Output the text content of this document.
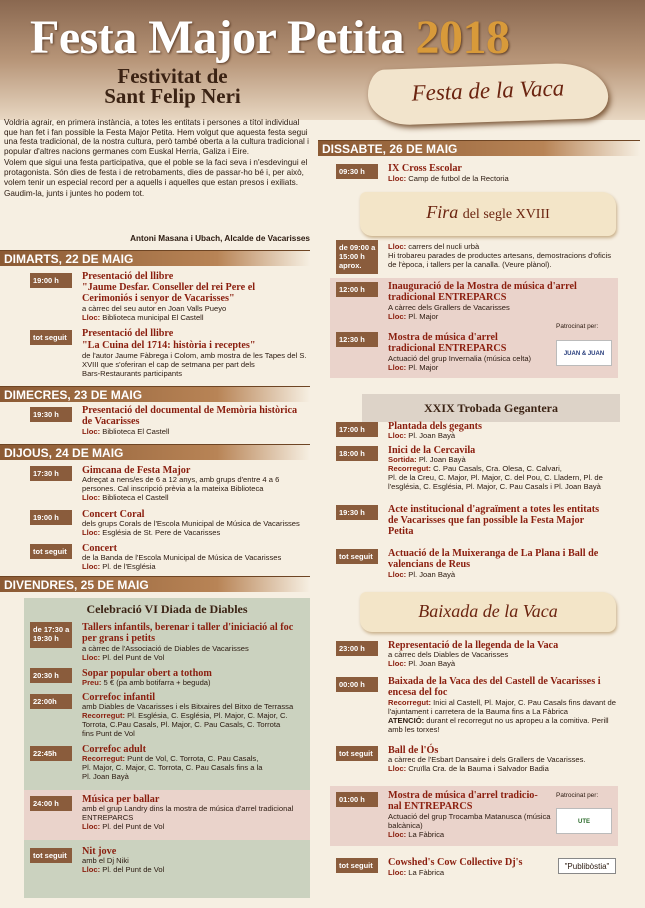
Festa Major Petita 2018
Festivitat de
Sant Felip Neri	Festa de la Vaca

Voldria agrair, en primera instància, a totes les entitats i persones a títol individual que han fet i fan possible la Festa Major Petita. Hem volgut que aquesta festa segui una festa tradicional, de la nostra cultura, però també oberta a la cultura tradicional i popular d'altres nacions germanes com Euskal Herria, Galiza i Eire.

Volem que sigui una festa participativa, que el poble se la faci seva i n'esdevingui el protagonista. Són dies de festa i de retrobaments, dies de passar-ho bé i, per això, volem tenir un especial record per a aquells i aquelles que estan presos i exiliats.

Gaudim-la, junts i juntes ho podem tot.

Antoni Masana i Ubach, Alcalde de Vacarisses
DIMARTS, 22 DE MAIG
19:00 h	Presentació del llibre
"Jaume Desfar. Conseller del rei Pere el
Cerimoniós i senyor de Vacarisses"
a càrrec del seu autor en Joan Valls Pueyo
Lloc: Biblioteca municipal El Castell
tot seguit	Presentació del llibre
"La Cuina del 1714: història i receptes"
de l'autor Jaume Fàbrega i Colom, amb mostra de les Tapes del S.
XVIII que s'oferiran el cap de setmana per part dels
Bars-Restaurants participants
DIMECRES, 23 DE MAIG
19:30 h	Presentació del documental de Memòria històrica
de Vacarisses
Lloc: Biblioteca El Castell
DIJOUS, 24 DE MAIG
17:30 h	Gimcana de Festa Major
Adreçat a nens/es de 6 a 12 anys, amb grups d'entre 4 a 6
persones. Cal inscripció prèvia a la mateixa Biblioteca
Lloc: Biblioteca el Castell
19:00 h	Concert Coral
dels grups Corals de l'Escola Municipal de Música de Vacarisses
Lloc: Església de St. Pere de Vacarisses
tot seguit	Concert
de la Banda de l'Escola Municipal de Música de Vacarisses
Lloc: Pl. de l'Església
DIVENDRES, 25 DE MAIG
Celebració VI Diada de Diables
de 17:30 a
19:30 h
Tallers infantils, berenar i taller d'iniciació al foc
per grans i petits
a càrrec de l'Associació de Diables de Vacarisses
Lloc: Pl. del Punt de Vol
20:30 h	Sopar popular obert a tothom
Preu: 5 € (pa amb botifarra + beguda)
22:00h	Correfoc infantil
amb Diables de Vacarisses i els Bitxaires del Bitxo de Terrassa
Recorregut: Pl. Església, C. Església, Pl. Major, C. Major, C.
Torrota, C.Pau Casals, Pl. Major, C. Pau Casals, C. Torrota
fins Punt de Vol
22:45h	Correfoc adult
Recorregut: Punt de Vol, C. Torrota, C. Pau Casals,
Pl. Major, C. Major, C. Torrota, C. Pau Casals fins a la
Pl. Joan Bayà
24:00 h	Música per ballar
amb el grup Landry dins la mostra de música d'arrel tradicional
ENTREPARCS
Lloc: Pl. del Punt de Vol
tot seguit	Nit jove
amb el Dj Niki
Lloc: Pl. del Punt de Vol
DISSABTE, 26 DE MAIG
09:30 h	IX Cross Escolar
Lloc: Camp de futbol de la Rectoria
Fira del segle XVIII
de 09:00 a
15:00 h
aprox.
Lloc: carrers del nucli urbà
Hi trobareu parades de productes artesans, demostracions d'oficis
de l'època, i tallers per la canalla. (Veure plànol).
12:00 h	Inauguració de la Mostra de música d'arrel
tradicional ENTREPARCS
A càrrec dels Grallers de Vacarisses
Lloc: Pl. Major
12:30 h	Mostra de música d'arrel
tradicional ENTREPARCS
Actuació del grup Invernalia (música celta)
Lloc: Pl. Major
Patrocinat per:
JUAN & JUAN
XXIX Trobada Gegantera
17:00 h	Plantada dels gegants
Lloc: Pl. Joan Bayà
18:00 h	Inici de la Cercavila
Sortida: Pl. Joan Bayà
Recorregut: C. Pau Casals, Cra. Olesa, C. Calvari,
Pl. de la Creu, C. Major, Pl. Major, C. del Pou, C. Lladern, Pl. de
l'església, C. Església, Pl. Major, C. Pau Casals i Pl. Joan Bayà
19:30 h	Acte institucional d'agraïment a totes les entitats
de Vacarisses que fan possible la Festa Major
Petita
tot seguit	Actuació de la Muixeranga de La Plana i Ball de
valencians de Reus
Lloc: Pl. Joan Bayà
Baixada de la Vaca
23:00 h	Representació de la llegenda de la Vaca
a càrrec dels Diables de Vacarisses
Lloc: Pl. Joan Bayà
00:00 h	Baixada de la Vaca des del Castell de Vacarisses i
encesa del foc
Recorregut: Inici al Castell, Pl. Major, C. Pau Casals fins davant de
l'ajuntament i carretera de la Bauma fins a La Fàbrica
ATENCIÓ: durant el recorregut no us apropeu a la comitiva. Perill
amb les torxes!
tot seguit	Ball de l'Ós
a càrrec de l'Esbart Dansaire i dels Grallers de Vacarisses.
Lloc: Cruïlla Cra. de la Bauma i Salvador Badia
01:00 h	Mostra de música d'arrel tradicio-
nal ENTREPARCS
Actuació del grup Trocamba Matanusca (música
balcànica)
Lloc: La Fàbrica
Patrocinat per:
UTE
tot seguit	Cowshed's Cow Collective Dj's
Lloc: La Fàbrica
"Publibòstia"
